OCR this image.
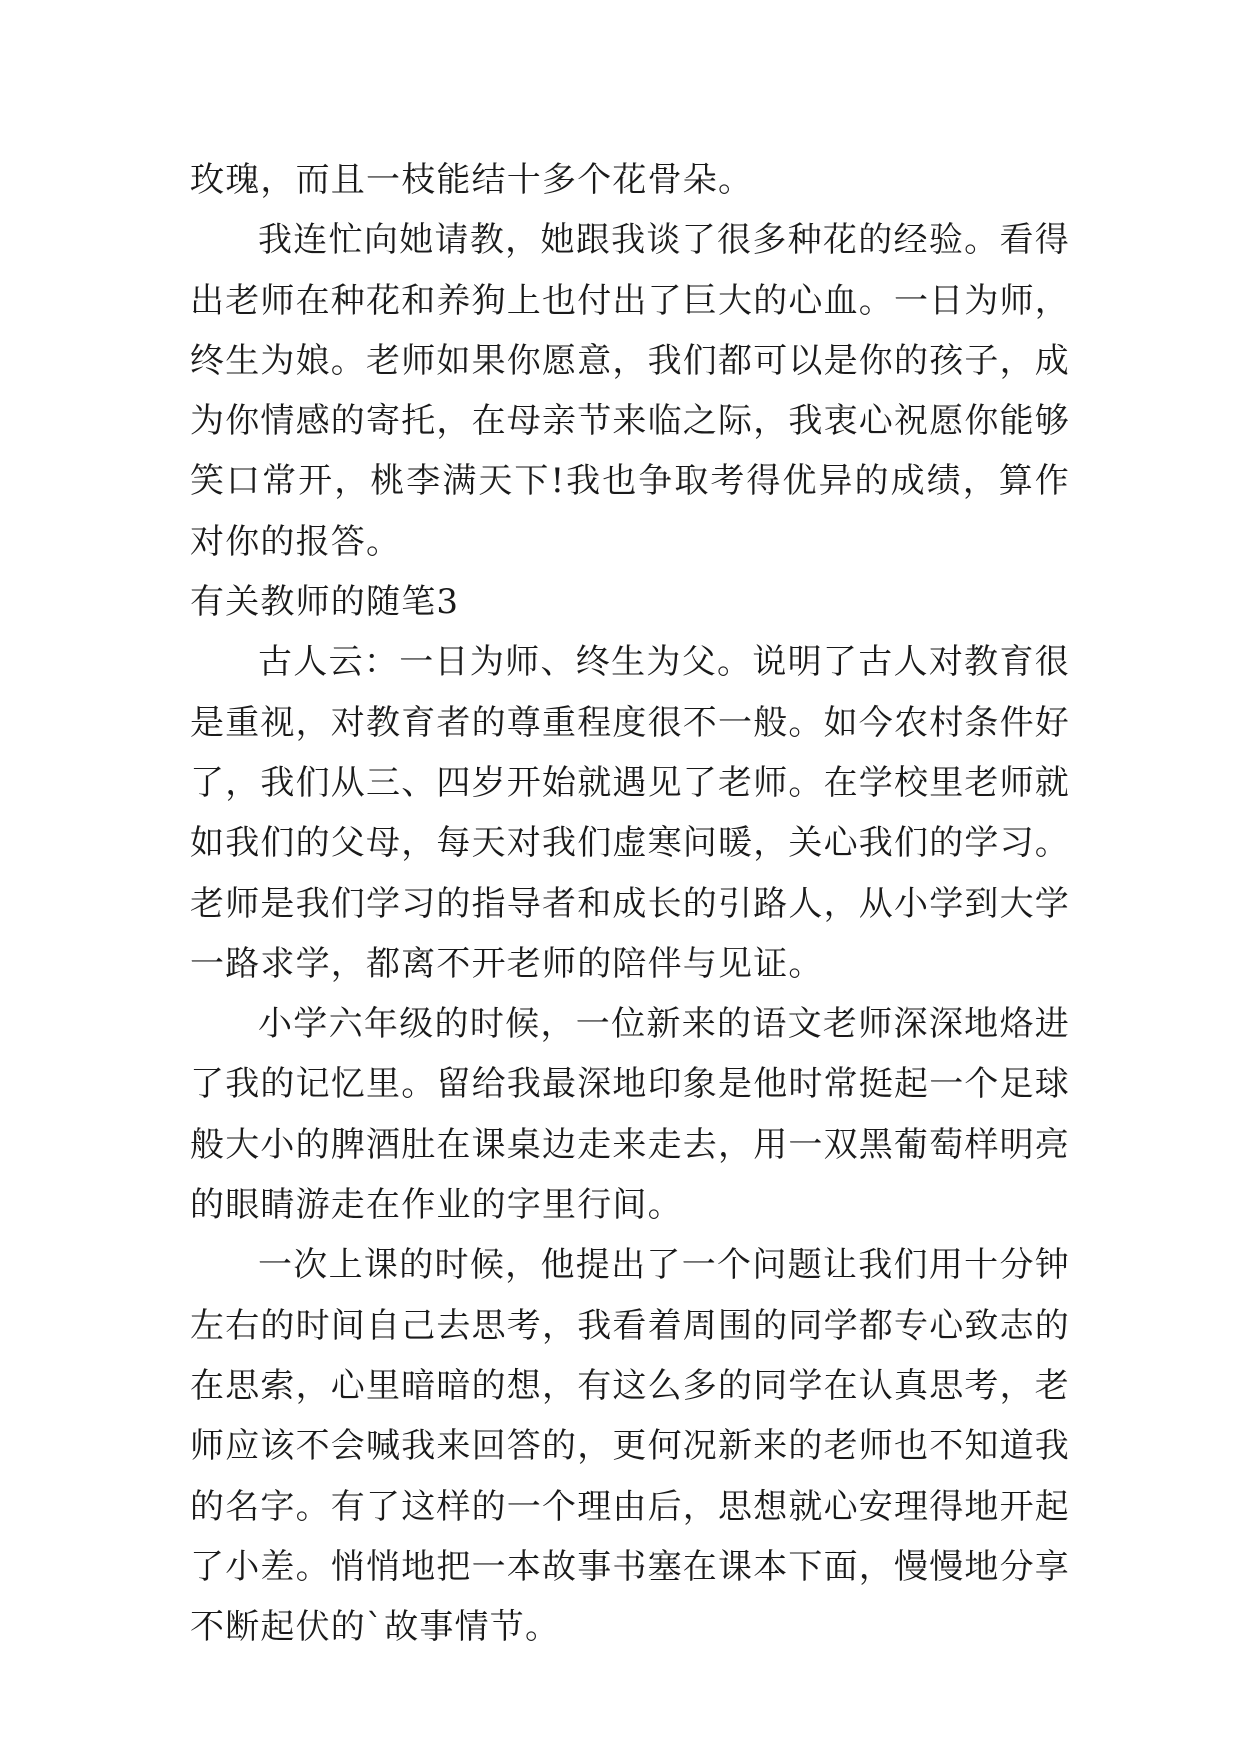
玫瑰，而且一枝能结十多个花骨朵。

我连忙向她请教，她跟我谈了很多种花的经验。看得出老师在种花和养狗上也付出了巨大的心血。一日为师，终生为娘。老师如果你愿意，我们都可以是你的孩子，成为你情感的寄托，在母亲节来临之际，我衷心祝愿你能够笑口常开，桃李满天下!我也争取考得优异的成绩，算作对你的报答。

有关教师的随笔3

古人云：一日为师、终生为父。说明了古人对教育很是重视，对教育者的尊重程度很不一般。如今农村条件好了，我们从三、四岁开始就遇见了老师。在学校里老师就如我们的父母，每天对我们虚寒问暖，关心我们的学习。老师是我们学习的指导者和成长的引路人，从小学到大学一路求学，都离不开老师的陪伴与见证。

小学六年级的时候，一位新来的语文老师深深地烙进了我的记忆里。留给我最深地印象是他时常挺起一个足球般大小的脾酒肚在课桌边走来走去，用一双黑葡萄样明亮的眼睛游走在作业的字里行间。

一次上课的时候，他提出了一个问题让我们用十分钟左右的时间自己去思考，我看着周围的同学都专心致志的在思索，心里暗暗的想，有这么多的同学在认真思考，老师应该不会喊我来回答的，更何况新来的老师也不知道我的名字。有了这样的一个理由后，思想就心安理得地开起了小差。悄悄地把一本故事书塞在课本下面，慢慢地分享不断起伏的`故事情节。
